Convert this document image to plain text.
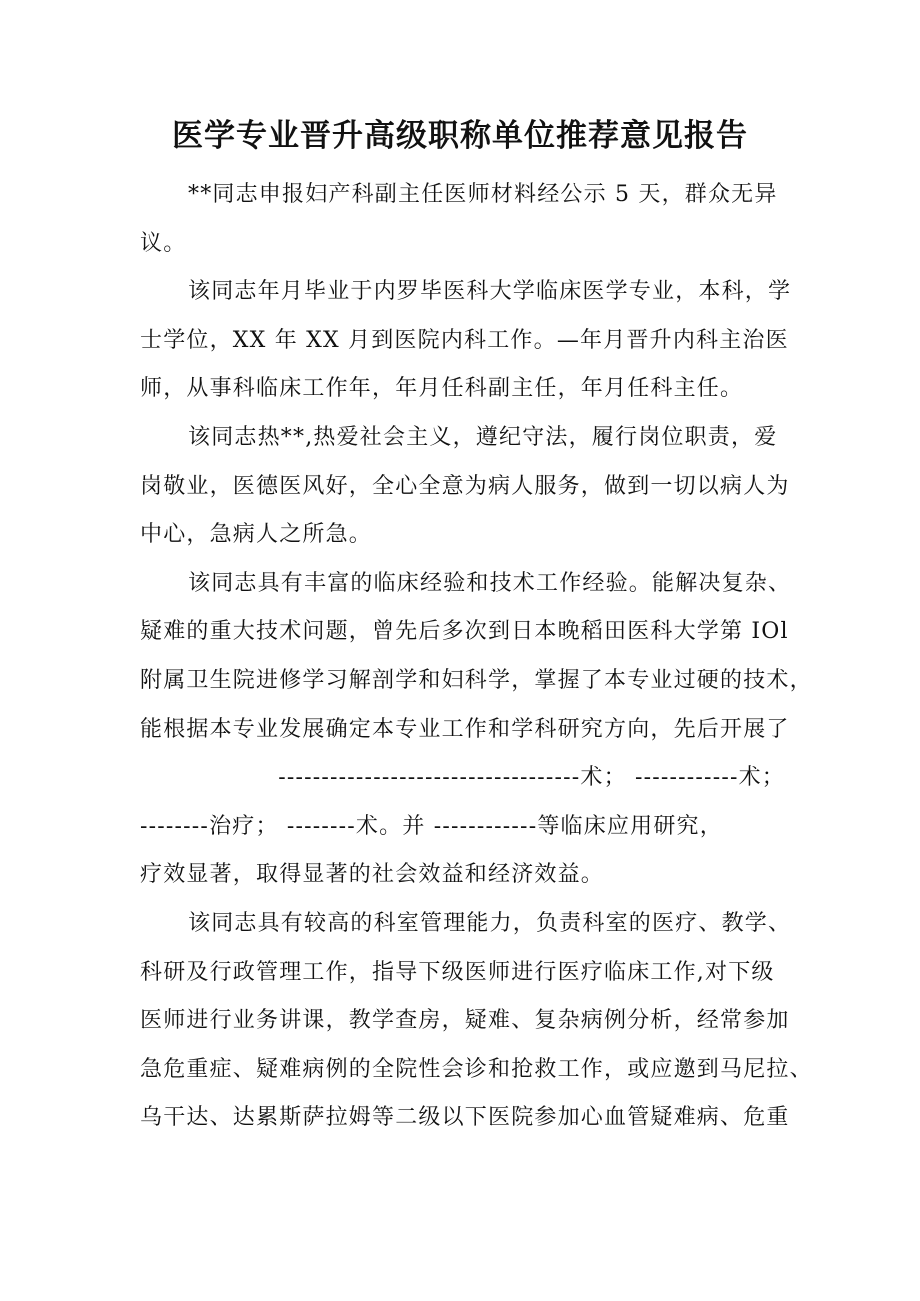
医学专业晋升高级职称单位推荐意见报告
**同志申报妇产科副主任医师材料经公示 5 天，群众无异
议。
该同志年月毕业于内罗毕医科大学临床医学专业，本科，学
士学位，XX 年 XX 月到医院内科工作。—年月晋升内科主治医
师，从事科临床工作年，年月任科副主任，年月任科主任。
该同志热**,热爱社会主义，遵纪守法，履行岗位职责，爱
岗敬业，医德医风好，全心全意为病人服务，做到一切以病人为
中心，急病人之所急。
该同志具有丰富的临床经验和技术工作经验。能解决复杂、
疑难的重大技术问题，曾先后多次到日本晚稻田医科大学第 IOl
附属卫生院进修学习解剖学和妇科学，掌握了本专业过硬的技术，
能根据本专业发展确定本专业工作和学科研究方向，先后开展了
-----------------------------------术； ------------术；
--------治疗； --------术。并 ------------等临床应用研究，
疗效显著，取得显著的社会效益和经济效益。
该同志具有较高的科室管理能力，负责科室的医疗、教学、
科研及行政管理工作，指导下级医师进行医疗临床工作,对下级
医师进行业务讲课，教学查房，疑难、复杂病例分析，经常参加
急危重症、疑难病例的全院性会诊和抢救工作，或应邀到马尼拉、
乌干达、达累斯萨拉姆等二级以下医院参加心血管疑难病、危重
